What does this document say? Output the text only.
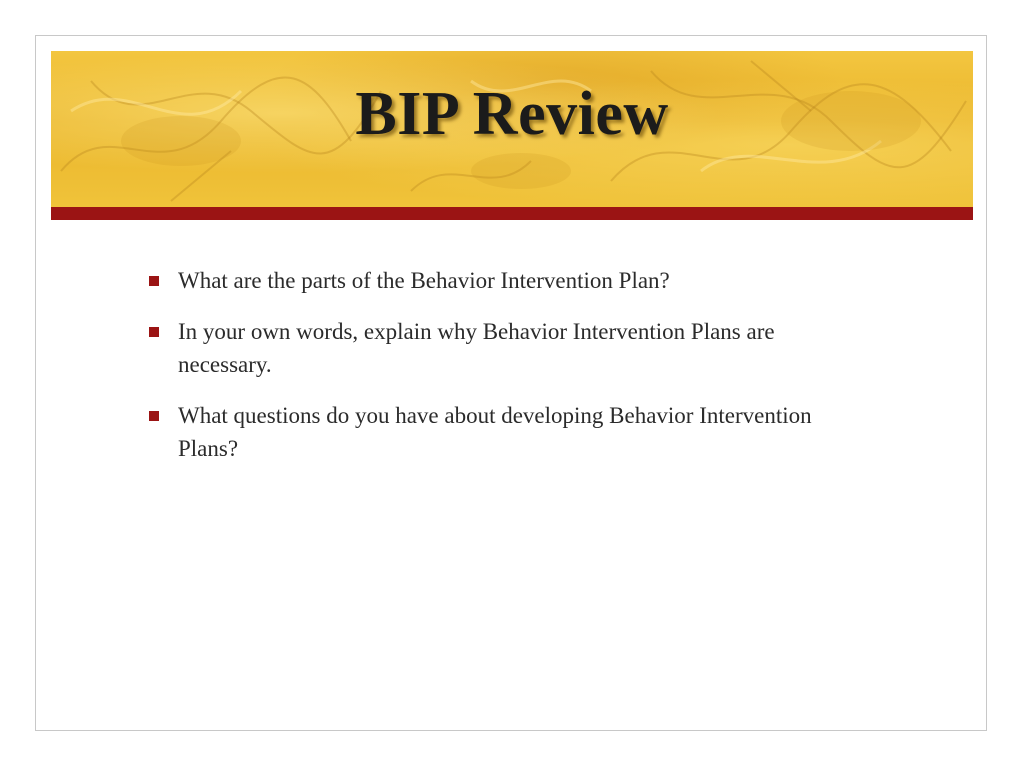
BIP Review
What are the parts of the Behavior Intervention Plan?
In your own words, explain why Behavior Intervention Plans are necessary.
What questions do you have about developing Behavior Intervention Plans?
